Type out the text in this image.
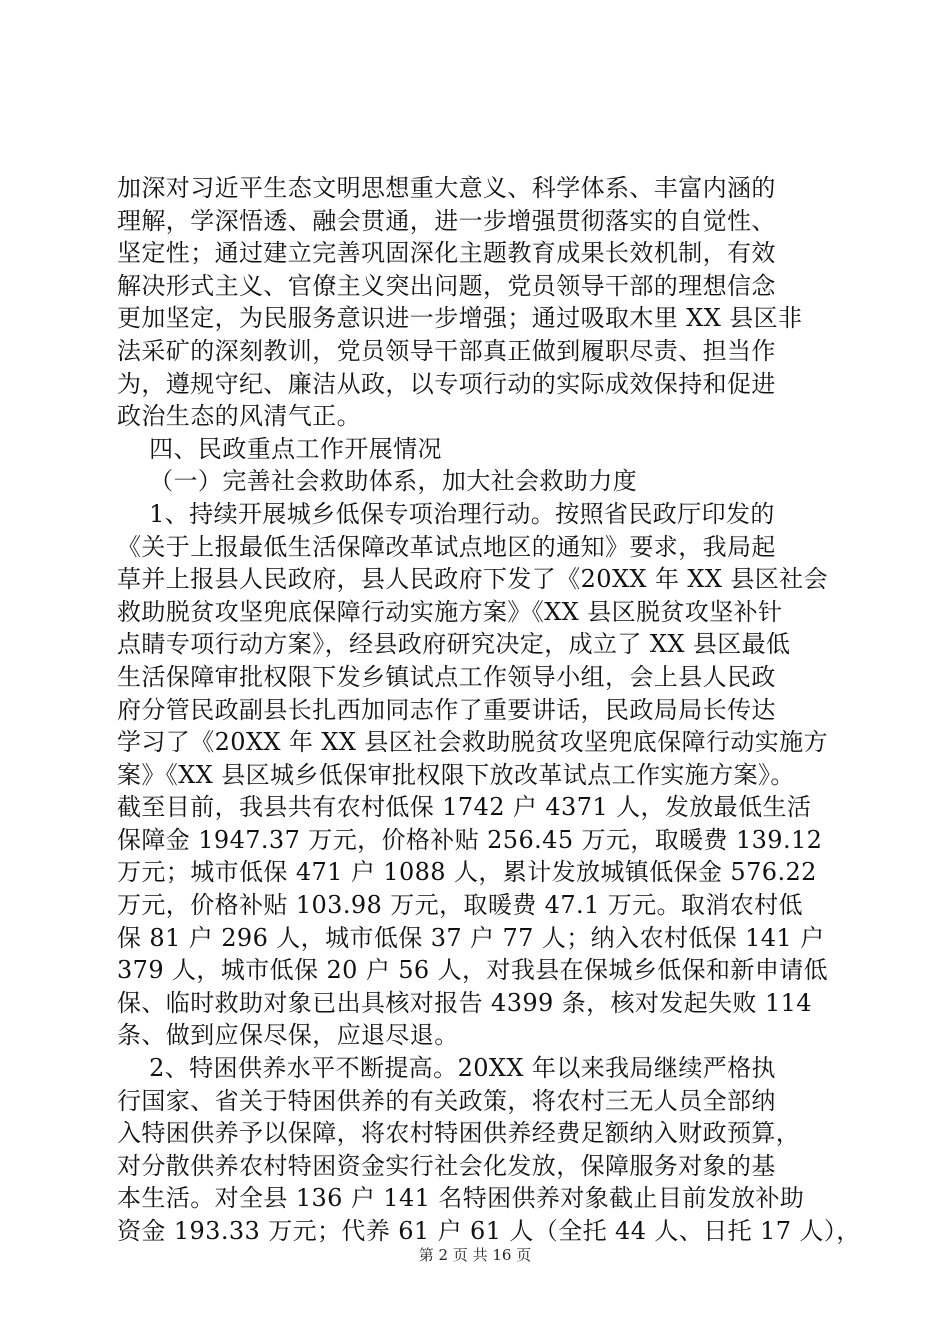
加深对习近平生态文明思想重大意义、科学体系、丰富内涵的
理解，学深悟透、融会贯通，进一步增强贯彻落实的自觉性、
坚定性；通过建立完善巩固深化主题教育成果长效机制，有效
解决形式主义、官僚主义突出问题，党员领导干部的理想信念
更加坚定，为民服务意识进一步增强；通过吸取木里 XX 县区非
法采矿的深刻教训，党员领导干部真正做到履职尽责、担当作
为，遵规守纪、廉洁从政，以专项行动的实际成效保持和促进
政治生态的风清气正。
四、民政重点工作开展情况
（一）完善社会救助体系，加大社会救助力度
1、持续开展城乡低保专项治理行动。按照省民政厅印发的
《关于上报最低生活保障改革试点地区的通知》要求，我局起
草并上报县人民政府，县人民政府下发了《20XX 年 XX 县区社会
救助脱贫攻坚兜底保障行动实施方案》《XX 县区脱贫攻坚补针
点睛专项行动方案》，经县政府研究决定，成立了 XX 县区最低
生活保障审批权限下发乡镇试点工作领导小组，会上县人民政
府分管民政副县长扎西加同志作了重要讲话，民政局局长传达
学习了《20XX 年 XX 县区社会救助脱贫攻坚兜底保障行动实施方
案》《XX 县区城乡低保审批权限下放改革试点工作实施方案》。
截至目前，我县共有农村低保 1742 户 4371 人，发放最低生活
保障金 1947.37 万元，价格补贴 256.45 万元，取暖费 139.12
万元；城市低保 471 户 1088 人，累计发放城镇低保金 576.22
万元，价格补贴 103.98 万元，取暖费 47.1 万元。取消农村低
保 81 户 296 人，城市低保 37 户 77 人；纳入农村低保 141 户
379 人，城市低保 20 户 56 人，对我县在保城乡低保和新申请低
保、临时救助对象已出具核对报告 4399 条，核对发起失败 114
条、做到应保尽保，应退尽退。
2、特困供养水平不断提高。20XX 年以来我局继续严格执
行国家、省关于特困供养的有关政策，将农村三无人员全部纳
入特困供养予以保障，将农村特困供养经费足额纳入财政预算，
对分散供养农村特困资金实行社会化发放，保障服务对象的基
本生活。对全县 136 户 141 名特困供养对象截止目前发放补助
资金 193.33 万元；代养 61 户 61 人（全托 44 人、日托 17 人），
第 2 页 共 16 页
